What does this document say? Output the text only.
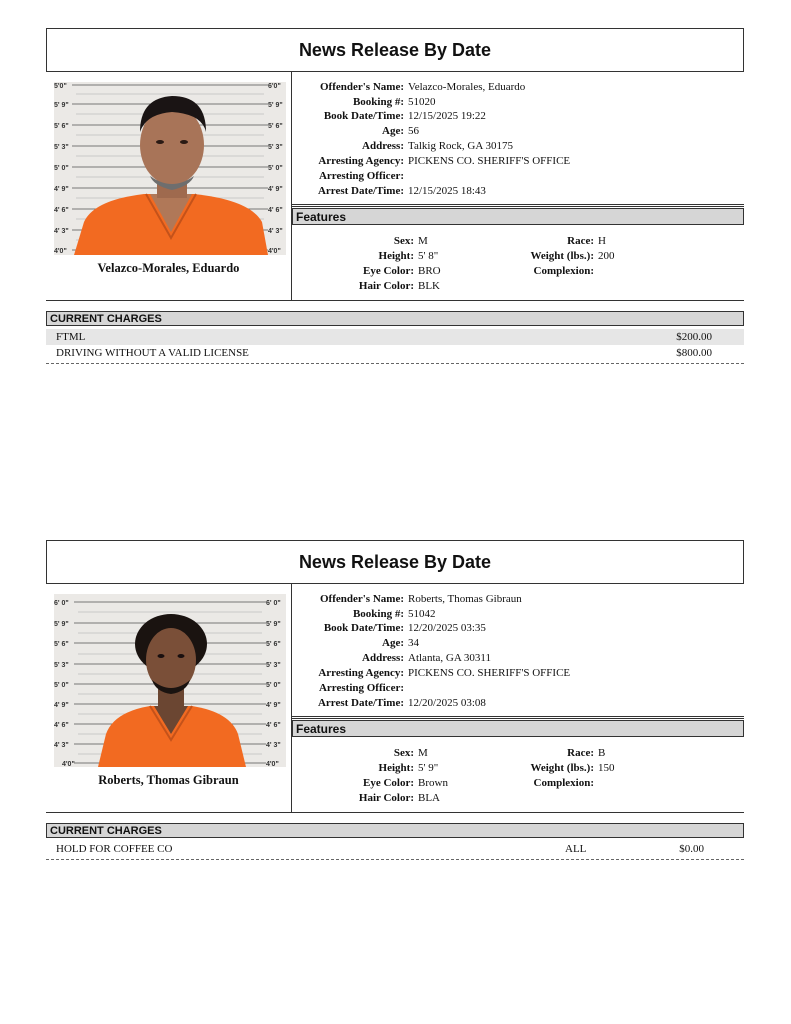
News Release By Date
5'0"
5' 9"
5' 6"
5' 3"
5' 0"
4' 9"
4' 6"
4' 3"
4'0"
6'0"
5' 9"
5' 6"
5' 3"
5' 0"
4' 9"
4' 6"
4' 3"
4'0"
Velazco-Morales, Eduardo
Offender's Name: Velazco-Morales, Eduardo
Booking #: 51020
Book Date/Time: 12/15/2025 19:22
Age: 56
Address: Talkig Rock, GA 30175
Arresting Agency: PICKENS CO. SHERIFF'S OFFICE
Arresting Officer:
Arrest Date/Time: 12/15/2025 18:43
Features
Sex: M
Height: 5' 8"
Eye Color: BRO
Hair Color: BLK
Race: H
Weight (lbs.): 200
Complexion:
CURRENT CHARGES
FTML	$200.00
DRIVING WITHOUT A VALID LICENSE	$800.00
News Release By Date
6' 0"
5' 9"
5' 6"
5' 3"
5' 0"
4' 9"
4' 6"
4' 3"
4'0"
6' 0"
5' 9"
5' 6"
5' 3"
5' 0"
4' 9"
4' 6"
4' 3"
4'0"
Roberts, Thomas Gibraun
Offender's Name: Roberts, Thomas Gibraun
Booking #: 51042
Book Date/Time: 12/20/2025 03:35
Age: 34
Address: Atlanta, GA 30311
Arresting Agency: PICKENS CO. SHERIFF'S OFFICE
Arresting Officer:
Arrest Date/Time: 12/20/2025 03:08
Features
Sex: M
Height: 5' 9"
Eye Color: Brown
Hair Color: BLA
Race: B
Weight (lbs.): 150
Complexion:
CURRENT CHARGES
HOLD FOR COFFEE CO	ALL	$0.00
